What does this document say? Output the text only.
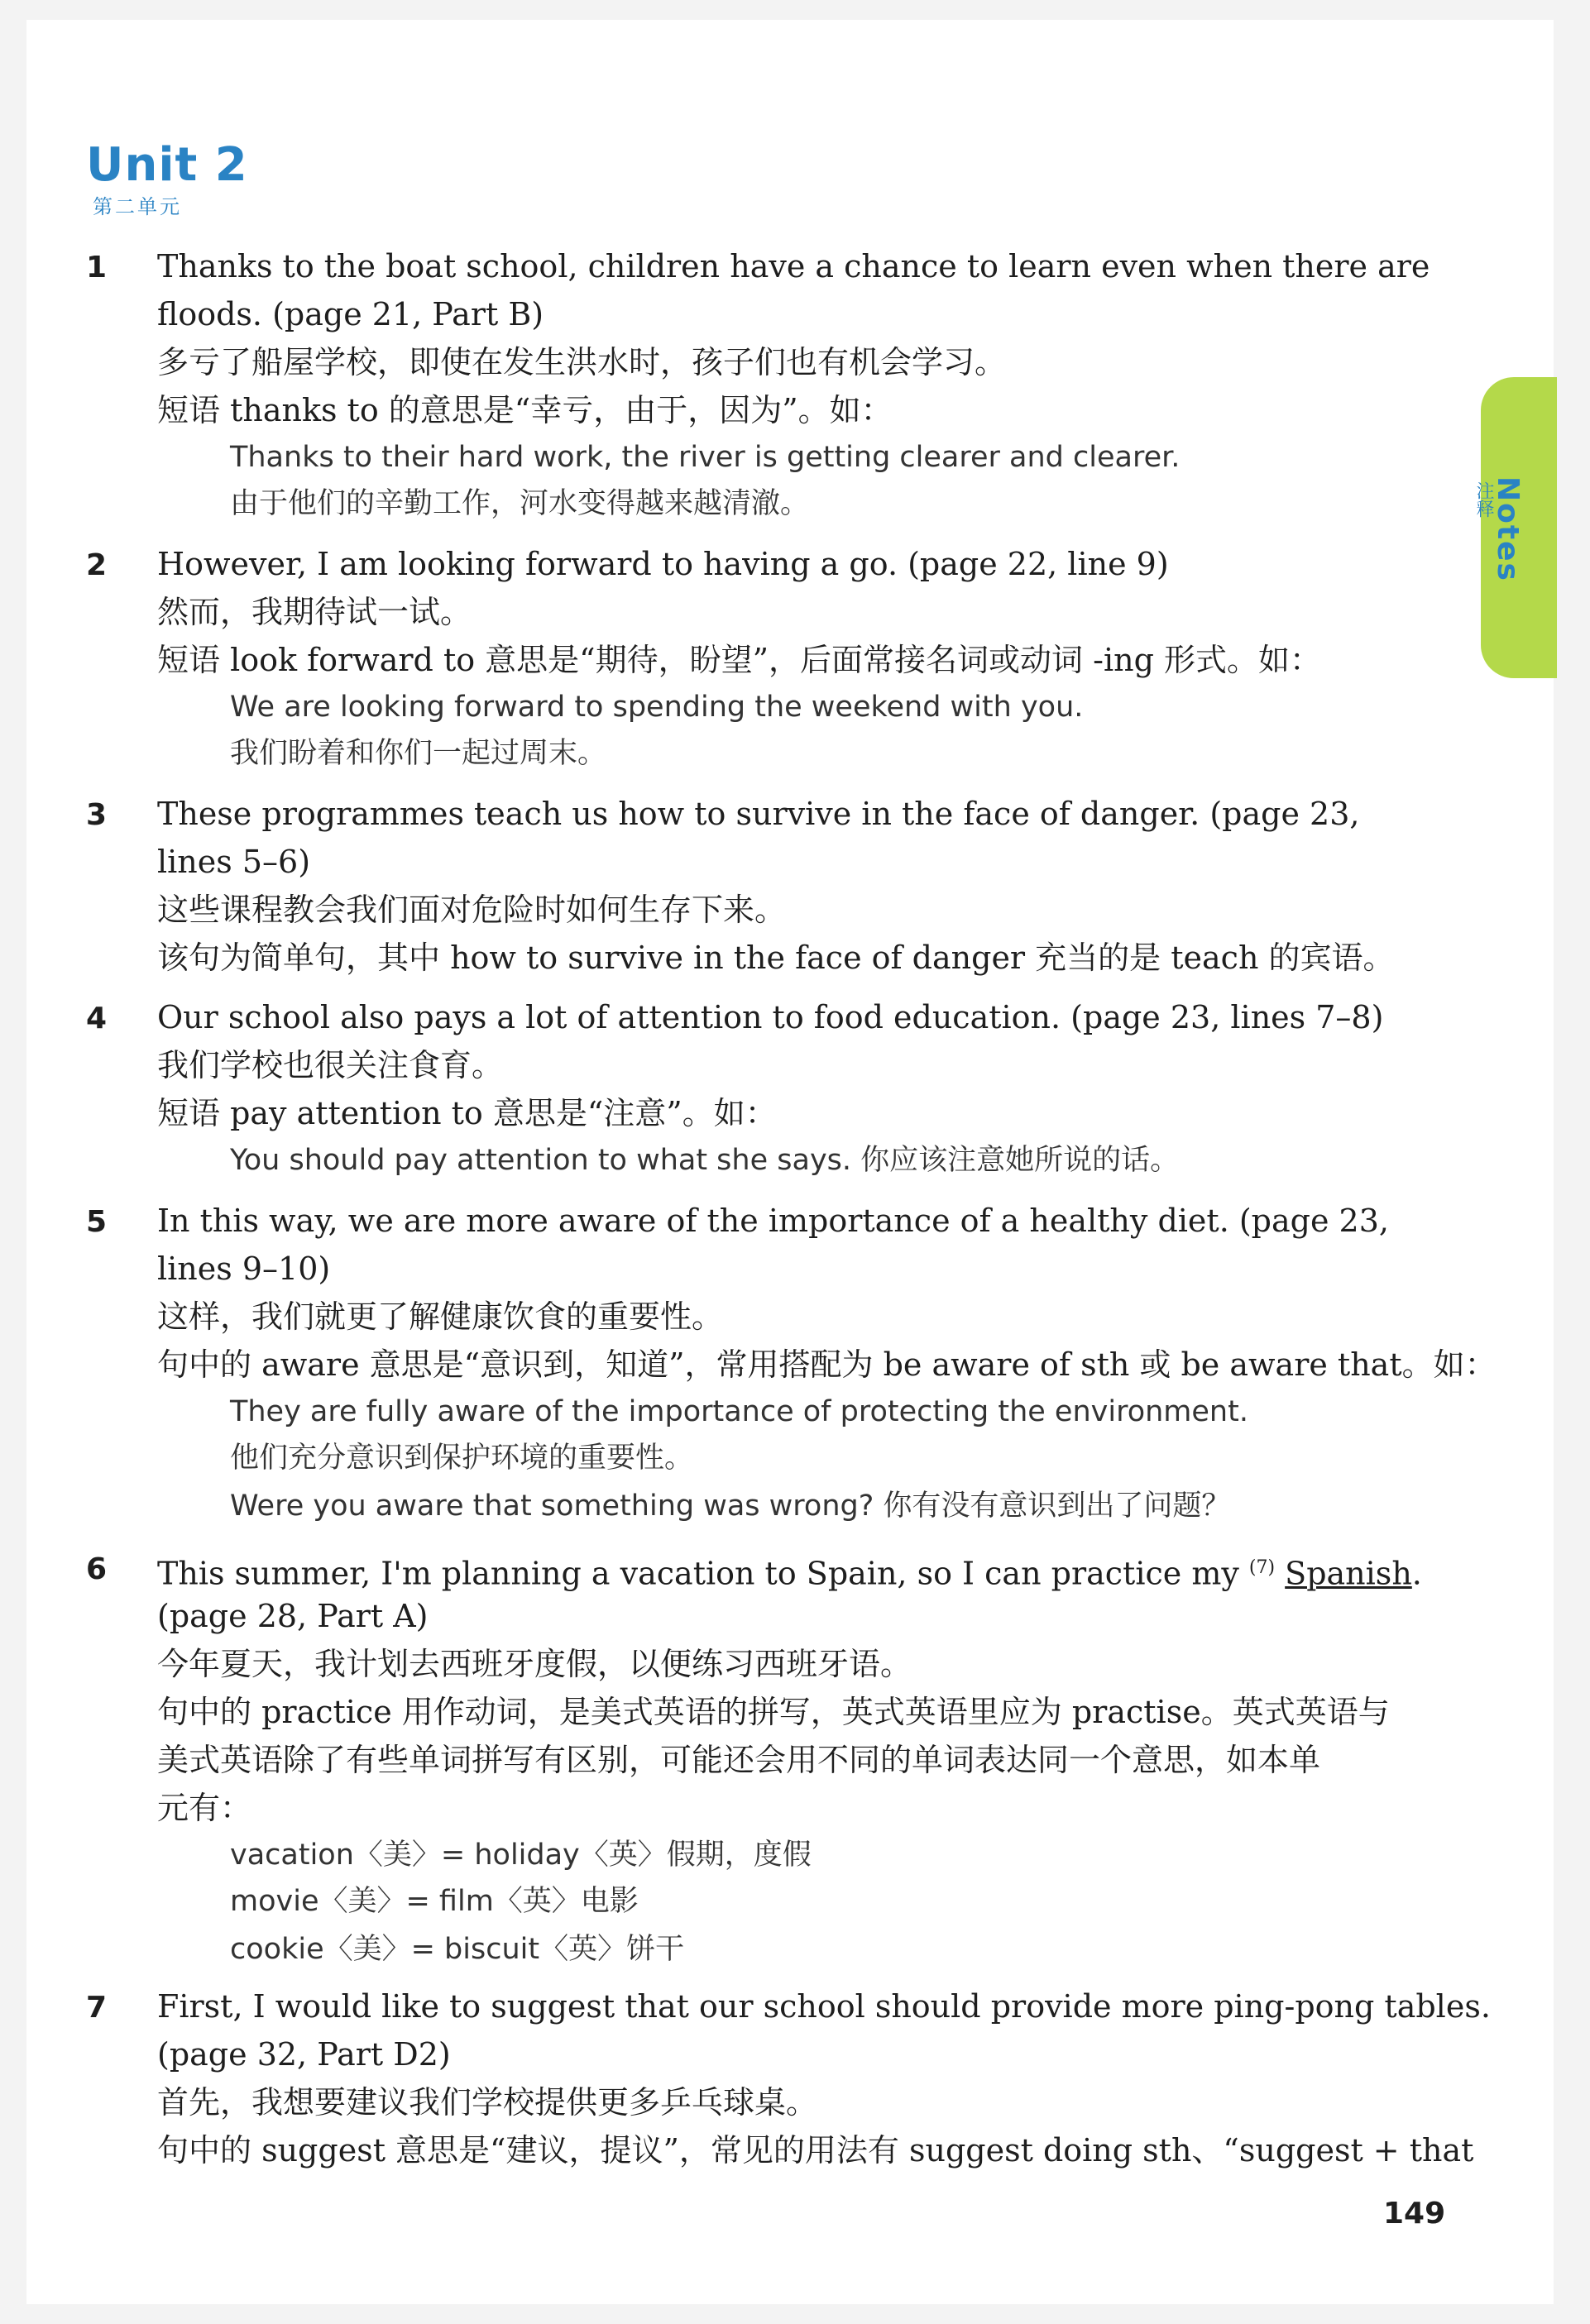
Unit 2
第二单元
Notes
注释
1 Thanks to the boat school, children have a chance to learn even when there are
floods. (page 21, Part B)
多亏了船屋学校，即使在发生洪水时，孩子们也有机会学习。
短语 thanks to 的意思是“幸亏，由于，因为”。如：
Thanks to their hard work, the river is getting clearer and clearer.
由于他们的辛勤工作，河水变得越来越清澈。
2 However, I am looking forward to having a go. (page 22, line 9)
然而，我期待试一试。
短语 look forward to 意思是“期待，盼望”，后面常接名词或动词 -ing 形式。如：
We are looking forward to spending the weekend with you.
我们盼着和你们一起过周末。
3 These programmes teach us how to survive in the face of danger. (page 23,
lines 5–6)
这些课程教会我们面对危险时如何生存下来。
该句为简单句，其中 how to survive in the face of danger 充当的是 teach 的宾语。
4 Our school also pays a lot of attention to food education. (page 23, lines 7–8)
我们学校也很关注食育。
短语 pay attention to 意思是“注意”。如：
You should pay attention to what she says. 你应该注意她所说的话。
5 In this way, we are more aware of the importance of a healthy diet. (page 23,
lines 9–10)
这样，我们就更了解健康饮食的重要性。
句中的 aware 意思是“意识到，知道”，常用搭配为 be aware of sth 或 be aware that。如：
They are fully aware of the importance of protecting the environment.
他们充分意识到保护环境的重要性。
Were you aware that something was wrong? 你有没有意识到出了问题？
6 This summer, I'm planning a vacation to Spain, so I can practice my $^{(7)}$ Spanish.
(page 28, Part A)
今年夏天，我计划去西班牙度假，以便练习西班牙语。
句中的 practice 用作动词，是美式英语的拼写，英式英语里应为 practise。英式英语与
美式英语除了有些单词拼写有区别，可能还会用不同的单词表达同一个意思，如本单
元有：
vacation〈美〉= holiday〈英〉假期，度假
movie〈美〉= film〈英〉电影
cookie〈美〉= biscuit〈英〉饼干
7 First, I would like to suggest that our school should provide more ping-pong tables.
(page 32, Part D2)
首先，我想要建议我们学校提供更多乒乓球桌。
句中的 suggest 意思是“建议，提议”，常见的用法有 suggest doing sth、“suggest + that
149
